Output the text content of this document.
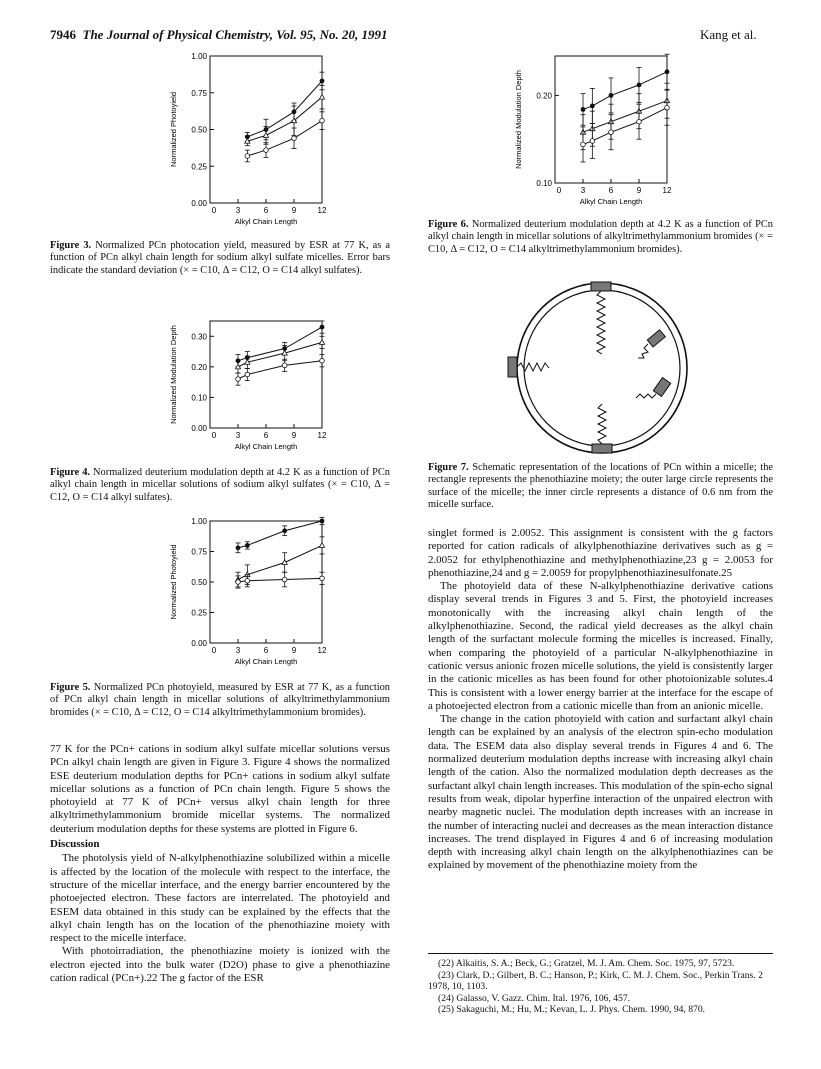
7946 The Journal of Physical Chemistry, Vol. 95, No. 20, 1991	Kang et al.
0 3	6	9	12
0.00
0.25
0.50
0.75
1.00
Alkyl Chain Length
Normalized Photoyield
0 3	6	9	12
0.00
0.10
0.20
0.30
Alkyl Chain Length
Normalized Modulation Depth
0 3	6	9	12
0.00
0.25
0.50
0.75
1.00
Alkyl Chain Length
Normalized Photoyield
0 3	6	9	12
0.10
0.20
Alkyl Chain Length
Normalized Modulation Depth
Figure 3. Normalized PCn photocation yield, measured by ESR at 77 K, as a function of PCn alkyl chain length for sodium alkyl sulfate micelles. Error bars indicate the standard deviation (× = C10, Δ = C12, O = C14 alkyl sulfates).
Figure 4. Normalized deuterium modulation depth at 4.2 K as a function of PCn alkyl chain length in micellar solutions of sodium alkyl sulfates (× = C10, Δ = C12, O = C14 alkyl sulfates).
Figure 5. Normalized PCn photoyield, measured by ESR at 77 K, as a function of PCn alkyl chain length in micellar solutions of alkyltrimethylammonium bromides (× = C10, Δ = C12, O = C14 alkyltrimethylammonium bromides).
Figure 6. Normalized deuterium modulation depth at 4.2 K as a function of PCn alkyl chain length in micellar solutions of alkyltrimethylammonium bromides (× = C10, Δ = C12, O = C14 alkyltrimethylammonium bromides).
Figure 7. Schematic representation of the locations of PCn within a micelle; the rectangle represents the phenothiazine moiety; the outer large circle represents the surface of the micelle; the inner circle represents a distance of 0.6 nm from the micelle surface.

77 K for the PCn+ cations in sodium alkyl sulfate micellar solutions versus PCn alkyl chain length are given in Figure 3. Figure 4 shows the normalized ESE deuterium modulation depths for PCn+ cations in sodium alkyl sulfate micellar solutions as a function of PCn chain length. Figure 5 shows the photoyield at 77 K of PCn+ versus alkyl chain length for three alkyltrimethylammonium bromide micellar systems. The normalized deuterium modulation depths for these systems are plotted in Figure 6.

Discussion

The photolysis yield of N-alkylphenothiazine solubilized within a micelle is affected by the location of the molecule with respect to the interface, the structure of the micellar interface, and the energy barrier encountered by the photoejected electron. These factors are interrelated. The photoyield and ESEM data obtained in this study can be explained by the effects that the alkyl chain length has on the location of the phenothiazine moiety with respect to the micelle interface.

With photoirradiation, the phenothiazine moiety is ionized with the electron ejected into the bulk water (D2O) phase to give a phenothiazine cation radical (PCn+).22 The g factor of the ESR

singlet formed is 2.0052. This assignment is consistent with the g factors reported for cation radicals of alkylphenothiazine derivatives such as g = 2.0052 for ethylphenothiazine and methylphenothiazine,23 g = 2.0053 for phenothiazine,24 and g = 2.0059 for propylphenothiazinesulfonate.25

The photoyield data of these N-alkylphenothiazine derivative cations display several trends in Figures 3 and 5. First, the photoyield increases monotonically with the increasing alkyl chain length of the alkylphenothiazine. Second, the radical yield decreases as the alkyl chain length of the surfactant molecule forming the micelles is increased. Finally, when comparing the photoyield of a particular N-alkylphenothiazine in cationic versus anionic frozen micelle solutions, the yield is consistently larger in the cationic micelles as has been found for other photoionizable solutes.4 This is consistent with a lower energy barrier at the interface for the escape of a photoejected electron from a cationic micelle than from an anionic micelle.

The change in the cation photoyield with cation and surfactant alkyl chain length can be explained by an analysis of the electron spin-echo modulation data. The ESEM data also display several trends in Figures 4 and 6. The normalized deuterium modulation depths increase with increasing alkyl chain length of the cation. Also the normalized modulation depth decreases as the surfactant alkyl chain length increases. This modulation of the spin-echo signal results from weak, dipolar hyperfine interaction of the unpaired electron with nearby magnetic nuclei. The modulation depth increases with an increase in the number of interacting nuclei and decreases as the mean interaction distance increases. The trend displayed in Figures 4 and 6 of increasing modulation depth with increasing alkyl chain length on the alkylphenothiazines can be explained by movement of the phenothiazine moiety from the

(22) Alkaitis, S. A.; Beck, G.; Gratzel, M. J. Am. Chem. Soc. 1975, 97, 5723.
(23) Clark, D.; Gilbert, B. C.; Hanson, P.; Kirk, C. M. J. Chem. Soc., Perkin Trans. 2 1978, 10, 1103.
(24) Galasso, V. Gazz. Chim. Ital. 1976, 106, 457.
(25) Sakaguchi, M.; Hu, M.; Kevan, L. J. Phys. Chem. 1990, 94, 870.
